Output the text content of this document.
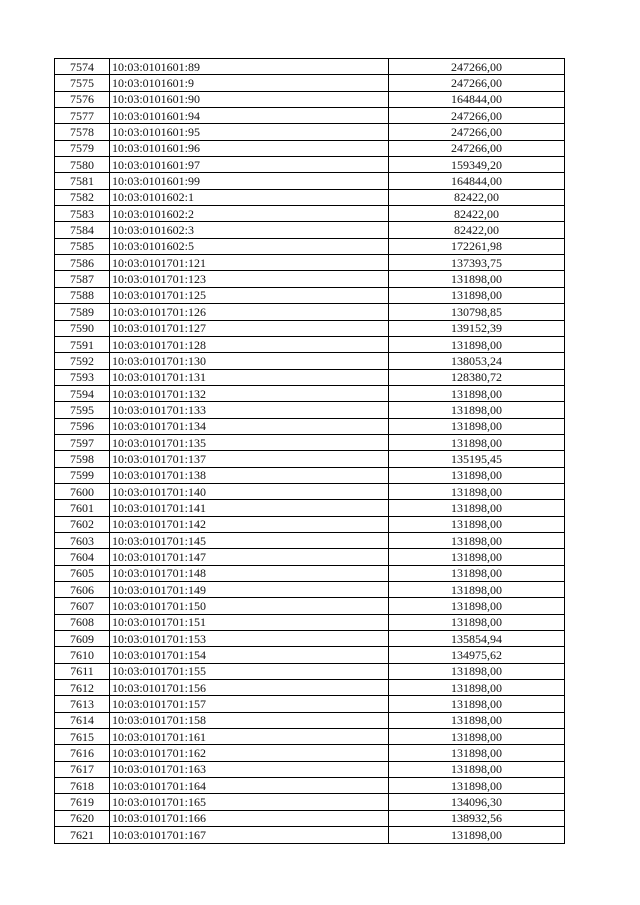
7574	10:03:0101601:89	247266,00
7575	10:03:0101601:9	247266,00
7576	10:03:0101601:90	164844,00
7577	10:03:0101601:94	247266,00
7578	10:03:0101601:95	247266,00
7579	10:03:0101601:96	247266,00
7580	10:03:0101601:97	159349,20
7581	10:03:0101601:99	164844,00
7582	10:03:0101602:1	82422,00
7583	10:03:0101602:2	82422,00
7584	10:03:0101602:3	82422,00
7585	10:03:0101602:5	172261,98
7586	10:03:0101701:121	137393,75
7587	10:03:0101701:123	131898,00
7588	10:03:0101701:125	131898,00
7589	10:03:0101701:126	130798,85
7590	10:03:0101701:127	139152,39
7591	10:03:0101701:128	131898,00
7592	10:03:0101701:130	138053,24
7593	10:03:0101701:131	128380,72
7594	10:03:0101701:132	131898,00
7595	10:03:0101701:133	131898,00
7596	10:03:0101701:134	131898,00
7597	10:03:0101701:135	131898,00
7598	10:03:0101701:137	135195,45
7599	10:03:0101701:138	131898,00
7600	10:03:0101701:140	131898,00
7601	10:03:0101701:141	131898,00
7602	10:03:0101701:142	131898,00
7603	10:03:0101701:145	131898,00
7604	10:03:0101701:147	131898,00
7605	10:03:0101701:148	131898,00
7606	10:03:0101701:149	131898,00
7607	10:03:0101701:150	131898,00
7608	10:03:0101701:151	131898,00
7609	10:03:0101701:153	135854,94
7610	10:03:0101701:154	134975,62
7611	10:03:0101701:155	131898,00
7612	10:03:0101701:156	131898,00
7613	10:03:0101701:157	131898,00
7614	10:03:0101701:158	131898,00
7615	10:03:0101701:161	131898,00
7616	10:03:0101701:162	131898,00
7617	10:03:0101701:163	131898,00
7618	10:03:0101701:164	131898,00
7619	10:03:0101701:165	134096,30
7620	10:03:0101701:166	138932,56
7621	10:03:0101701:167	131898,00
